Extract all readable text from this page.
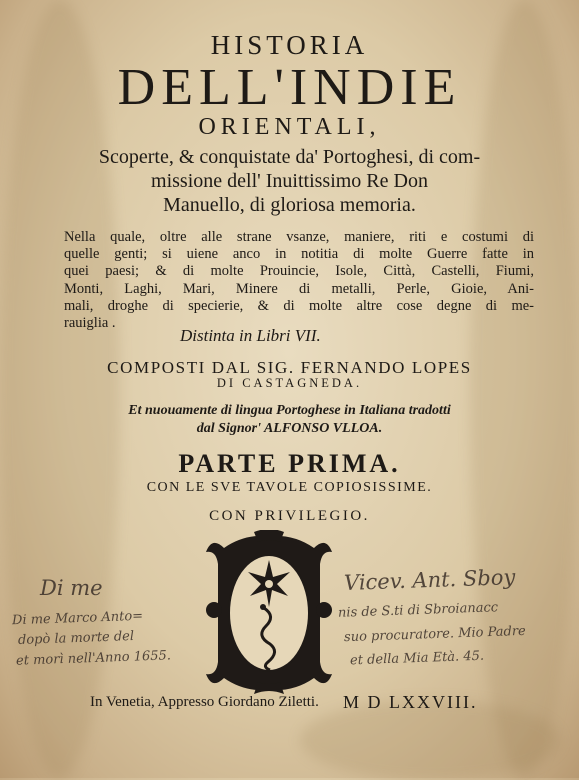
HISTORIA
DELL'INDIE
ORIENTALI,
Scoperte, & conquistate da' Portoghesi, di com-
missione dell' Inuittissimo Re Don
Manuello, di gloriosa memoria.
Nella quale, oltre alle strane vsanze, maniere, riti e costumi di
quelle genti; si uiene anco in notitia di molte Guerre fatte in
quei paesi; & di molte Prouincie, Isole, Città, Castelli, Fiumi,
Monti, Laghi, Mari, Minere di metalli, Perle, Gioie, Ani-
mali, droghe di specierie, & di molte altre cose degne di me-
rauiglia .
Distinta in Libri VII.
COMPOSTI DAL SIG. FERNANDO LOPES
DI CASTAGNEDA.
Et nuouamente di lingua Portoghese in Italiana tradotti
dal Signor' ALFONSO VLLOA.
PARTE PRIMA.
CON LE SVE TAVOLE COPIOSISSIME.
CON PRIVILEGIO.
Di me
Di me Marco Anto=
dopò la morte del
et morì nell'Anno 1655.
Vicev. Ant. Sboy
nis de S.ti di Sbroianacc
suo procuratore. Mio Padre
et della Mia Età. 45.
In Venetia, Appresso Giordano Ziletti. M D LXXVIII.
